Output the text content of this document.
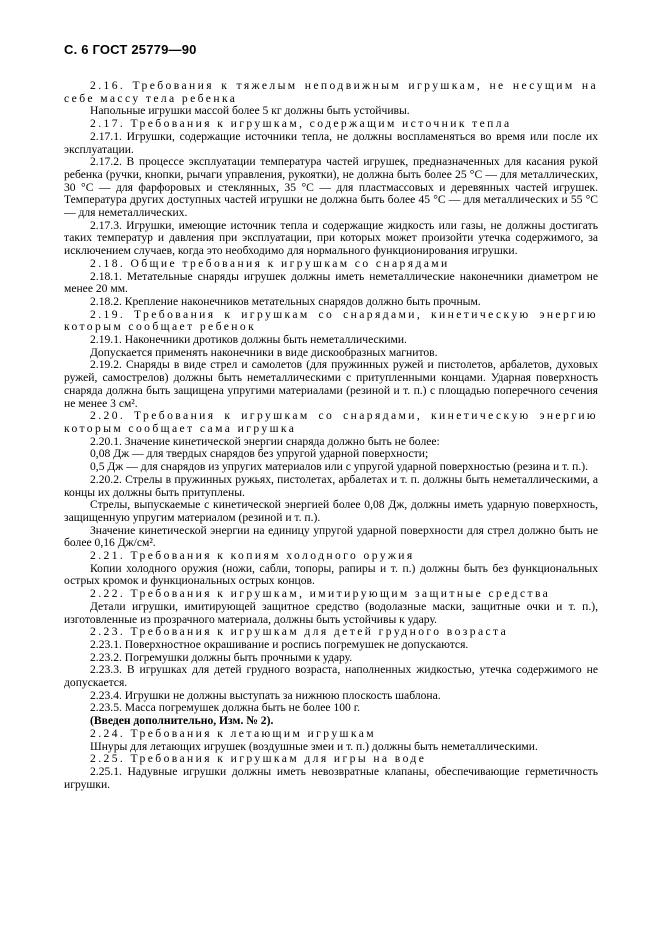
С. 6 ГОСТ 25779—90

2.16. Требования к тяжелым неподвижным игрушкам, не несущим на себе массу тела ребенка

Напольные игрушки массой более 5 кг должны быть устойчивы.

2.17. Требования к игрушкам, содержащим источник тепла

2.17.1. Игрушки, содержащие источники тепла, не должны воспламеняться во время или после их эксплуатации.

2.17.2. В процессе эксплуатации температура частей игрушек, предназначенных для касания рукой ребенка (ручки, кнопки, рычаги управления, рукоятки), не должна быть более 25 °С — для металлических, 30 °С — для фарфоровых и стеклянных, 35 °С — для пластмассовых и деревянных частей игрушек. Температура других доступных частей игрушки не должна быть более 45 °С — для металлических и 55 °С — для неметаллических.

2.17.3. Игрушки, имеющие источник тепла и содержащие жидкость или газы, не должны достигать таких температур и давления при эксплуатации, при которых может произойти утечка содержимого, за исключением случаев, когда это необходимо для нормального функционирования игрушки.

2.18. Общие требования к игрушкам со снарядами

2.18.1. Метательные снаряды игрушек должны иметь неметаллические наконечники диаметром не менее 20 мм.

2.18.2. Крепление наконечников метательных снарядов должно быть прочным.

2.19. Требования к игрушкам со снарядами, кинетическую энергию которым сообщает ребенок

2.19.1. Наконечники дротиков должны быть неметаллическими.

Допускается применять наконечники в виде дискообразных магнитов.

2.19.2. Снаряды в виде стрел и самолетов (для пружинных ружей и пистолетов, арбалетов, духовых ружей, самострелов) должны быть неметаллическими с притупленными концами. Ударная поверхность снаряда должна быть защищена упругими материалами (резиной и т. п.) с площадью поперечного сечения не менее 3 см².

2.20. Требования к игрушкам со снарядами, кинетическую энергию которым сообщает сама игрушка

2.20.1. Значение кинетической энергии снаряда должно быть не более:

0,08 Дж — для твердых снарядов без упругой ударной поверхности;

0,5 Дж — для снарядов из упругих материалов или с упругой ударной поверхностью (резина и т. п.).

2.20.2. Стрелы в пружинных ружьях, пистолетах, арбалетах и т. п. должны быть неметаллическими, а концы их должны быть притуплены.

Стрелы, выпускаемые с кинетической энергией более 0,08 Дж, должны иметь ударную поверхность, защищенную упругим материалом (резиной и т. п.).

Значение кинетической энергии на единицу упругой ударной поверхности для стрел должно быть не более 0,16 Дж/см².

2.21. Требования к копиям холодного оружия

Копии холодного оружия (ножи, сабли, топоры, рапиры и т. п.) должны быть без функциональных острых кромок и функциональных острых концов.

2.22. Требования к игрушкам, имитирующим защитные средства

Детали игрушки, имитирующей защитное средство (водолазные маски, защитные очки и т. п.), изготовленные из прозрачного материала, должны быть устойчивы к удару.

2.23. Требования к игрушкам для детей грудного возраста

2.23.1. Поверхностное окрашивание и роспись погремушек не допускаются.

2.23.2. Погремушки должны быть прочными к удару.

2.23.3. В игрушках для детей грудного возраста, наполненных жидкостью, утечка содержимого не допускается.

2.23.4. Игрушки не должны выступать за нижнюю плоскость шаблона.

2.23.5. Масса погремушек должна быть не более 100 г.

(Введен дополнительно, Изм. № 2).

2.24. Требования к летающим игрушкам

Шнуры для летающих игрушек (воздушные змеи и т. п.) должны быть неметаллическими.

2.25. Требования к игрушкам для игры на воде

2.25.1. Надувные игрушки должны иметь невозвратные клапаны, обеспечивающие герметичность игрушки.
